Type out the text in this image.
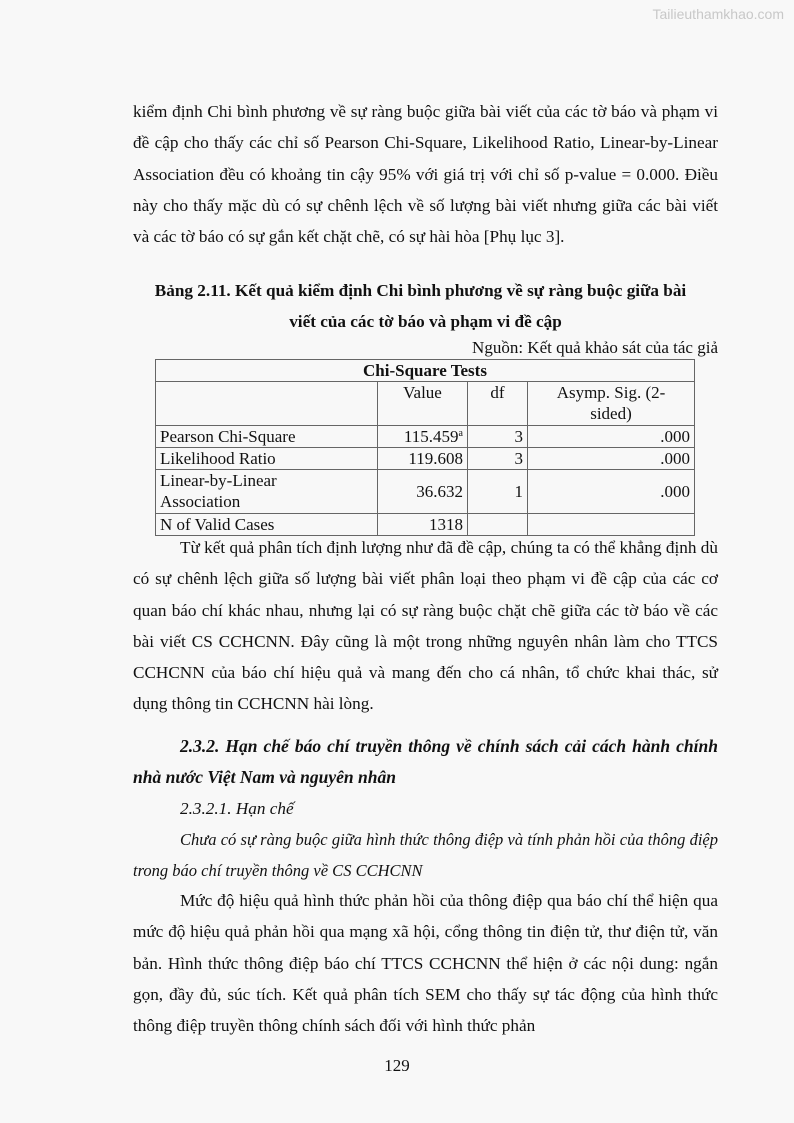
Tailieuthamkhao.com

kiểm định Chi bình phương về sự ràng buộc giữa bài viết của các tờ báo và phạm vi đề cập cho thấy các chỉ số Pearson Chi-Square, Likelihood Ratio, Linear-by-Linear Association đều có khoảng tin cậy 95% với giá trị với chỉ số p-value = 0.000. Điều này cho thấy mặc dù có sự chênh lệch về số lượng bài viết nhưng giữa các bài viết và các tờ báo có sự gắn kết chặt chẽ, có sự hài hòa [Phụ lục 3].

Bảng 2.11. Kết quả kiểm định Chi bình phương về sự ràng buộc giữa bài

viết của các tờ báo và phạm vi đề cập

Nguồn: Kết quả khảo sát của tác giả

Chi-Square Tests			
	Value	df	Asymp. Sig. (2-
sided)
Pearson Chi-Square	115.459$^a$	3	.000
Likelihood Ratio	119.608	3	.000
Linear-by-Linear
Association	36.632	1	.000
N of Valid Cases	1318		

Từ kết quả phân tích định lượng như đã đề cập, chúng ta có thể khẳng định dù có sự chênh lệch giữa số lượng bài viết phân loại theo phạm vi đề cập của các cơ quan báo chí khác nhau, nhưng lại có sự ràng buộc chặt chẽ giữa các tờ báo về các bài viết CS CCHCNN. Đây cũng là một trong những nguyên nhân làm cho TTCS CCHCNN của báo chí hiệu quả và mang đến cho cá nhân, tổ chức khai thác, sử dụng thông tin CCHCNN hài lòng.

2.3.2. Hạn chế báo chí truyền thông về chính sách cải cách hành chính nhà nước Việt Nam và nguyên nhân

2.3.2.1. Hạn chế

Chưa có sự ràng buộc giữa hình thức thông điệp và tính phản hồi của thông điệp trong báo chí truyền thông về CS CCHCNN

Mức độ hiệu quả hình thức phản hồi của thông điệp qua báo chí thể hiện qua mức độ hiệu quả phản hồi qua mạng xã hội, cổng thông tin điện tử, thư điện tử, văn bản. Hình thức thông điệp báo chí TTCS CCHCNN thể hiện ở các nội dung: ngắn gọn, đầy đủ, súc tích. Kết quả phân tích SEM cho thấy sự tác động của hình thức thông điệp truyền thông chính sách đối với hình thức phản

129
